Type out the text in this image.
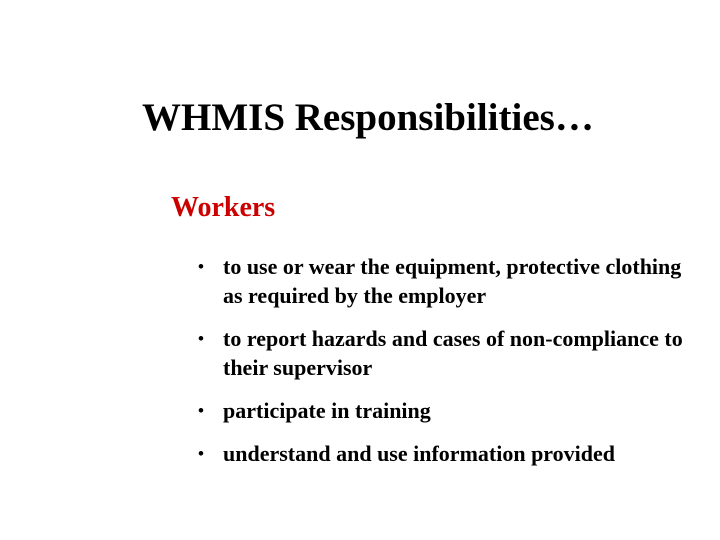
WHMIS Responsibilities…
Workers
• to use or wear the equipment, protective clothing as required by the employer
• to report hazards and cases of non-compliance to their supervisor
• participate in training
• understand and use information provided
